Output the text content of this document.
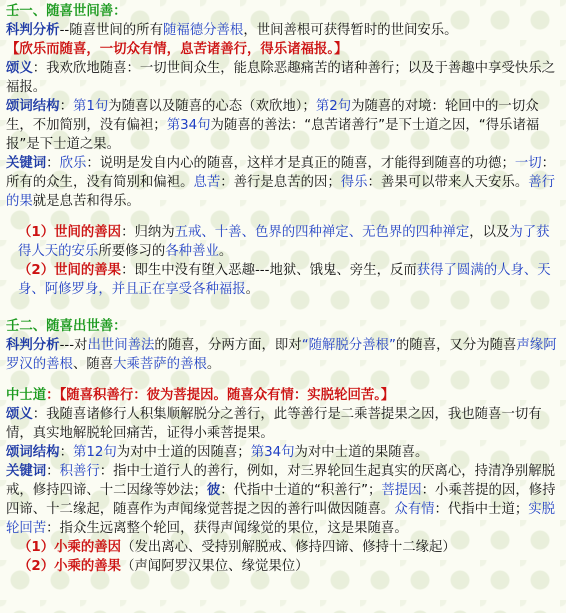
壬一、随喜世间善：

科判分析--随喜世间的所有随福德分善根，世间善根可获得暂时的世间安乐。

【欣乐而随喜，一切众有情，息苦诸善行，得乐诸福报。】

颂义：我欢欣地随喜：一切世间众生，能息除恶趣痛苦的诸种善行；以及于善趣中享受快乐之福报。

颂词结构：第1句为随喜以及随喜的心态（欢欣地）；第2句为随喜的对境：轮回中的一切众生，不加简别，没有偏袒；第34句为随喜的善法：“息苦诸善行”是下士道之因，“得乐诸福报”是下士道之果。

关键词：欣乐：说明是发自内心的随喜，这样才是真正的随喜，才能得到随喜的功德；一切：所有的众生，没有简别和偏袒。息苦：善行是息苦的因；得乐：善果可以带来人天安乐。善行的果就是息苦和得乐。

（1）世间的善因：归纳为五戒、十善、色界的四种禅定、无色界的四种禅定，以及为了获得人天的安乐所要修习的各种善业。

（2）世间的善果：即生中没有堕入恶趣---地狱、饿鬼、旁生，反而获得了圆满的人身、天身、阿修罗身，并且正在享受各种福报。

壬二、随喜出世善：

科判分析---对出世间善法的随喜，分两方面，即对“随解脱分善根”的随喜，又分为随喜声缘阿罗汉的善根、随喜大乘菩萨的善根。

中士道：【随喜积善行：彼为菩提因。随喜众有情：实脱轮回苦。】

颂义：我随喜诸修行人积集顺解脱分之善行，此等善行是二乘菩提果之因，我也随喜一切有情，真实地解脱轮回痛苦，证得小乘菩提果。

颂词结构：第12句为对中士道的因随喜；第34句为对中士道的果随喜。

关键词：积善行：指中士道行人的善行，例如，对三界轮回生起真实的厌离心，持清净别解脱戒，修持四谛、十二因缘等妙法；彼：代指中士道的“积善行”；菩提因：小乘菩提的因，修持四谛、十二缘起，随喜作为声闻缘觉菩提之因的善行叫做因随喜。众有情：代指中士道；实脱轮回苦：指众生远离整个轮回，获得声闻缘觉的果位，这是果随喜。

（1）小乘的善因（发出离心、受持别解脱戒、修持四谛、修持十二缘起）

（2）小乘的善果（声闻阿罗汉果位、缘觉果位）
